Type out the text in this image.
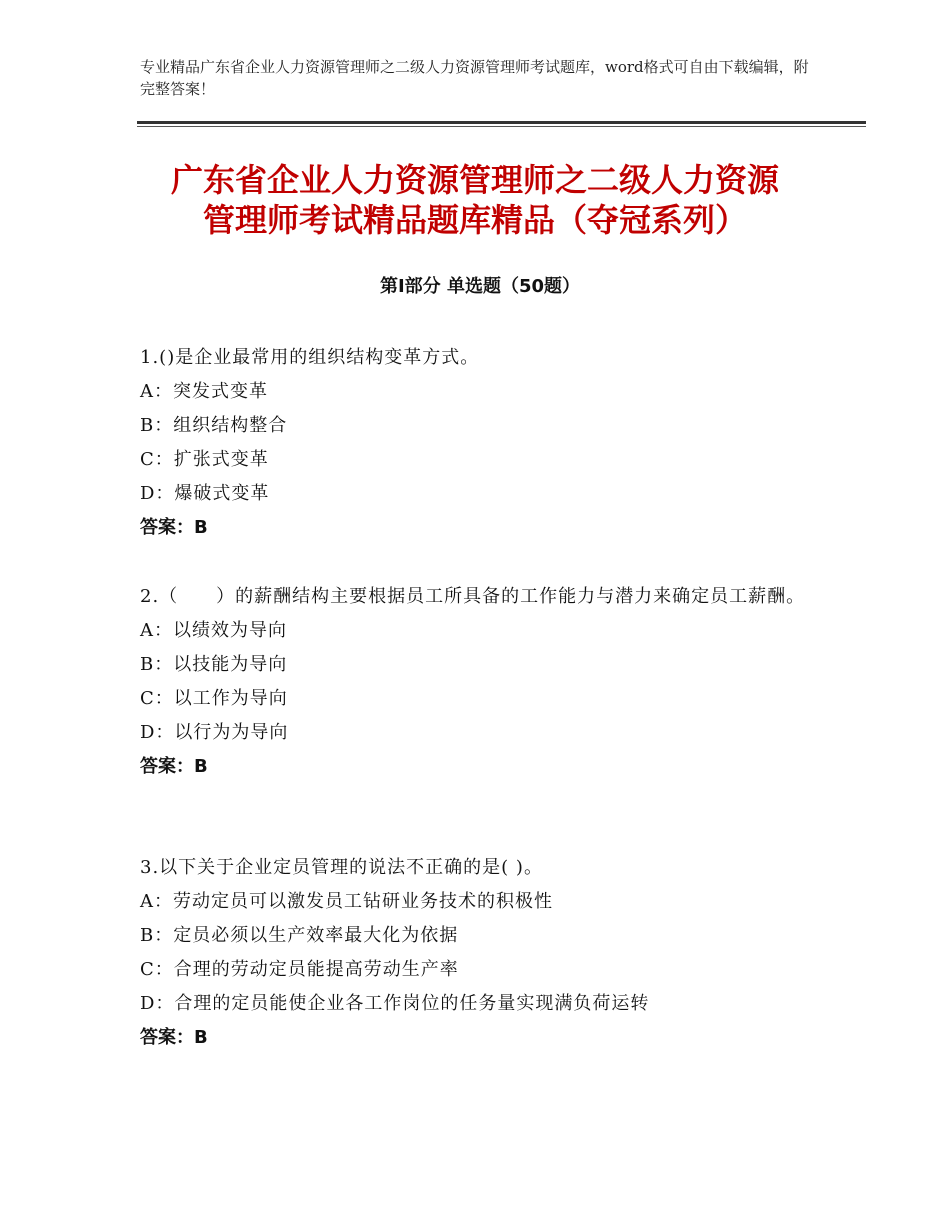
专业精品广东省企业人力资源管理师之二级人力资源管理师考试题库，word格式可自由下载编辑，附完整答案！

广东省企业人力资源管理师之二级人力资源
管理师考试精品题库精品（夺冠系列）
第Ⅰ部分 单选题（50题）

1.()是企业最常用的组织结构变革方式。

A：突发式变革

B：组织结构整合

C：扩张式变革

D：爆破式变革

答案：B

2.（　　）的薪酬结构主要根据员工所具备的工作能力与潜力来确定员工薪酬。

A：以绩效为导向

B：以技能为导向

C：以工作为导向

D：以行为为导向

答案：B

3.以下关于企业定员管理的说法不正确的是( )。

A：劳动定员可以激发员工钻研业务技术的积极性

B：定员必须以生产效率最大化为依据

C：合理的劳动定员能提高劳动生产率

D：合理的定员能使企业各工作岗位的任务量实现满负荷运转

答案：B
